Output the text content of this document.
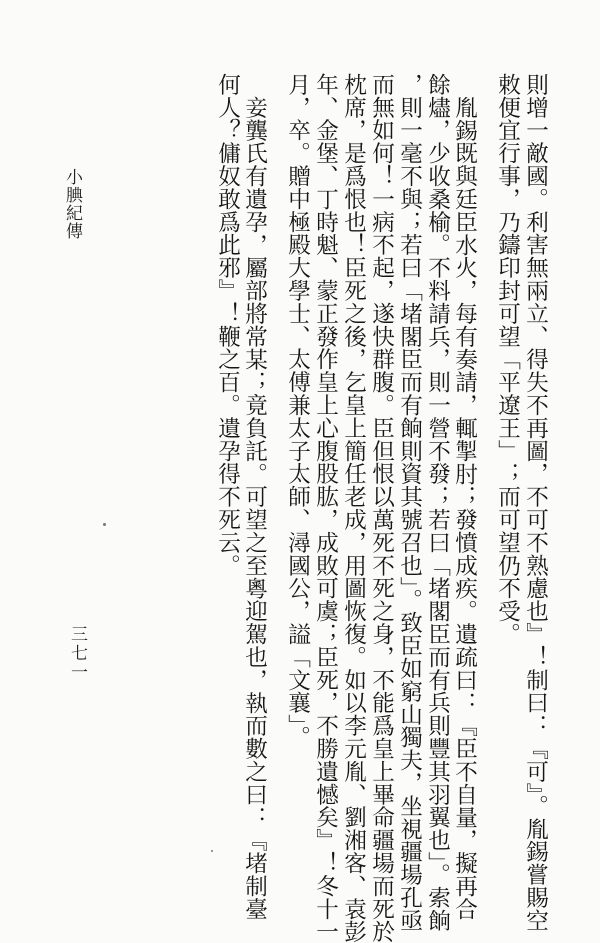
則增一敵國。利害無兩立、得失不再圖，不可不熟慮也』！制曰：『可』。胤錫嘗賜空
敕便宜行事，乃鑄印封可望「平遼王」；而可望仍不受。
胤錫既與廷臣水火，每有奏請，輒掣肘；發憤成疾。遺疏曰：『臣不自量，擬再合
餘燼，少收桑榆。不料請兵，則一營不發；若曰「堵閣臣而有兵則豐其羽翼也」。索餉
，則一毫不與；若曰「堵閣臣而有餉則資其號召也」。致臣如窮山獨夫，坐視疆場孔亟
而無如何！一病不起，遂快群腹。臣但恨以萬死不死之身，不能爲皇上畢命疆場而死於
枕席，是爲恨也！臣死之後，乞皇上簡任老成，用圖恢復。如以李元胤、劉湘客、袁彭
年、金堡、丁時魁、蒙正發作皇上心腹股肱，成敗可虞；臣死，不勝遺憾矣』！冬十一
月，卒。贈中極殿大學士、太傅兼太子太師、潯國公，謚「文襄」。
妾龔氏有遺孕，屬部將常某；竟負託。可望之至粵迎駕也，執而數之曰：『堵制臺
何人？傭奴敢爲此邪』！鞭之百。遺孕得不死云。
小腆紀傳
三七一
